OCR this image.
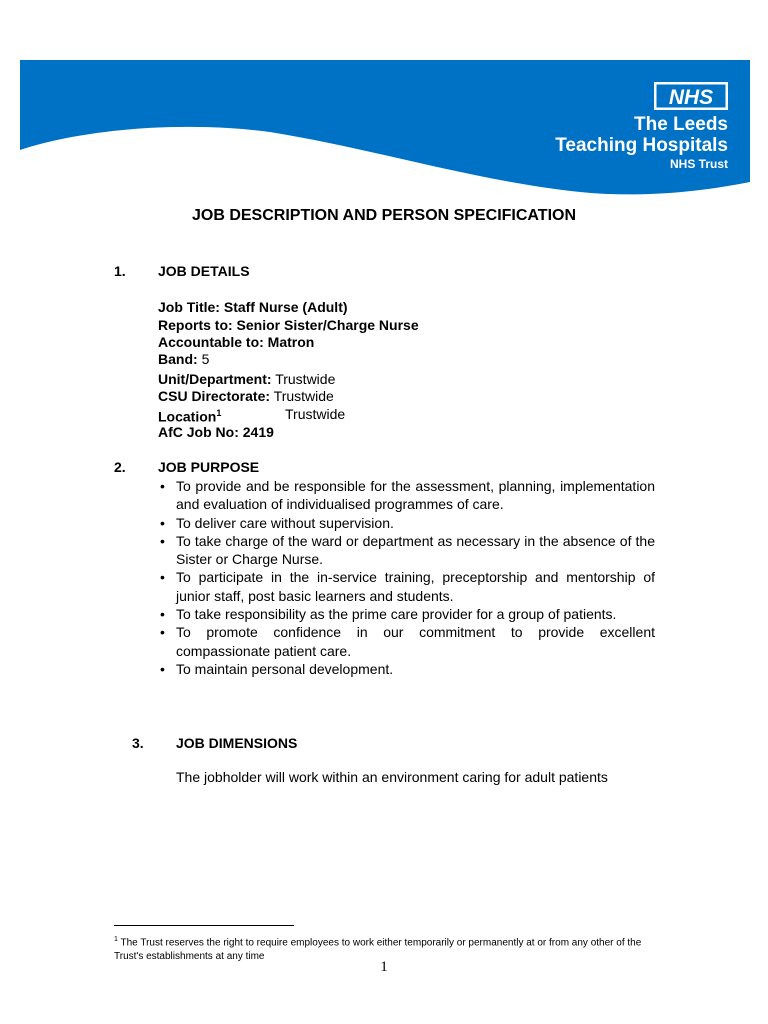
NHS
The Leeds
Teaching Hospitals
NHS Trust
JOB DESCRIPTION AND PERSON SPECIFICATION
1. JOB DETAILS
Job Title: Staff Nurse (Adult)
Reports to: Senior Sister/Charge Nurse
Accountable to: Matron
Band: 5
Unit/Department: Trustwide
CSU Directorate: Trustwide
Location$^1$	Trustwide
AfC Job No: 2419
2. JOB PURPOSE
• To provide and be responsible for the assessment, planning, implementation and evaluation of individualised programmes of care.
• To deliver care without supervision.
• To take charge of the ward or department as necessary in the absence of the Sister or Charge Nurse.
• To participate in the in-service training, preceptorship and mentorship of junior staff, post basic learners and students.
• To take responsibility as the prime care provider for a group of patients.
• To promote confidence in our commitment to provide excellent compassionate patient care.
• To maintain personal development.
3. JOB DIMENSIONS
The jobholder will work within an environment caring for adult patients
$^1$ The Trust reserves the right to require employees to work either temporarily or permanently at or from any other of the
Trust's establishments at any time
1
